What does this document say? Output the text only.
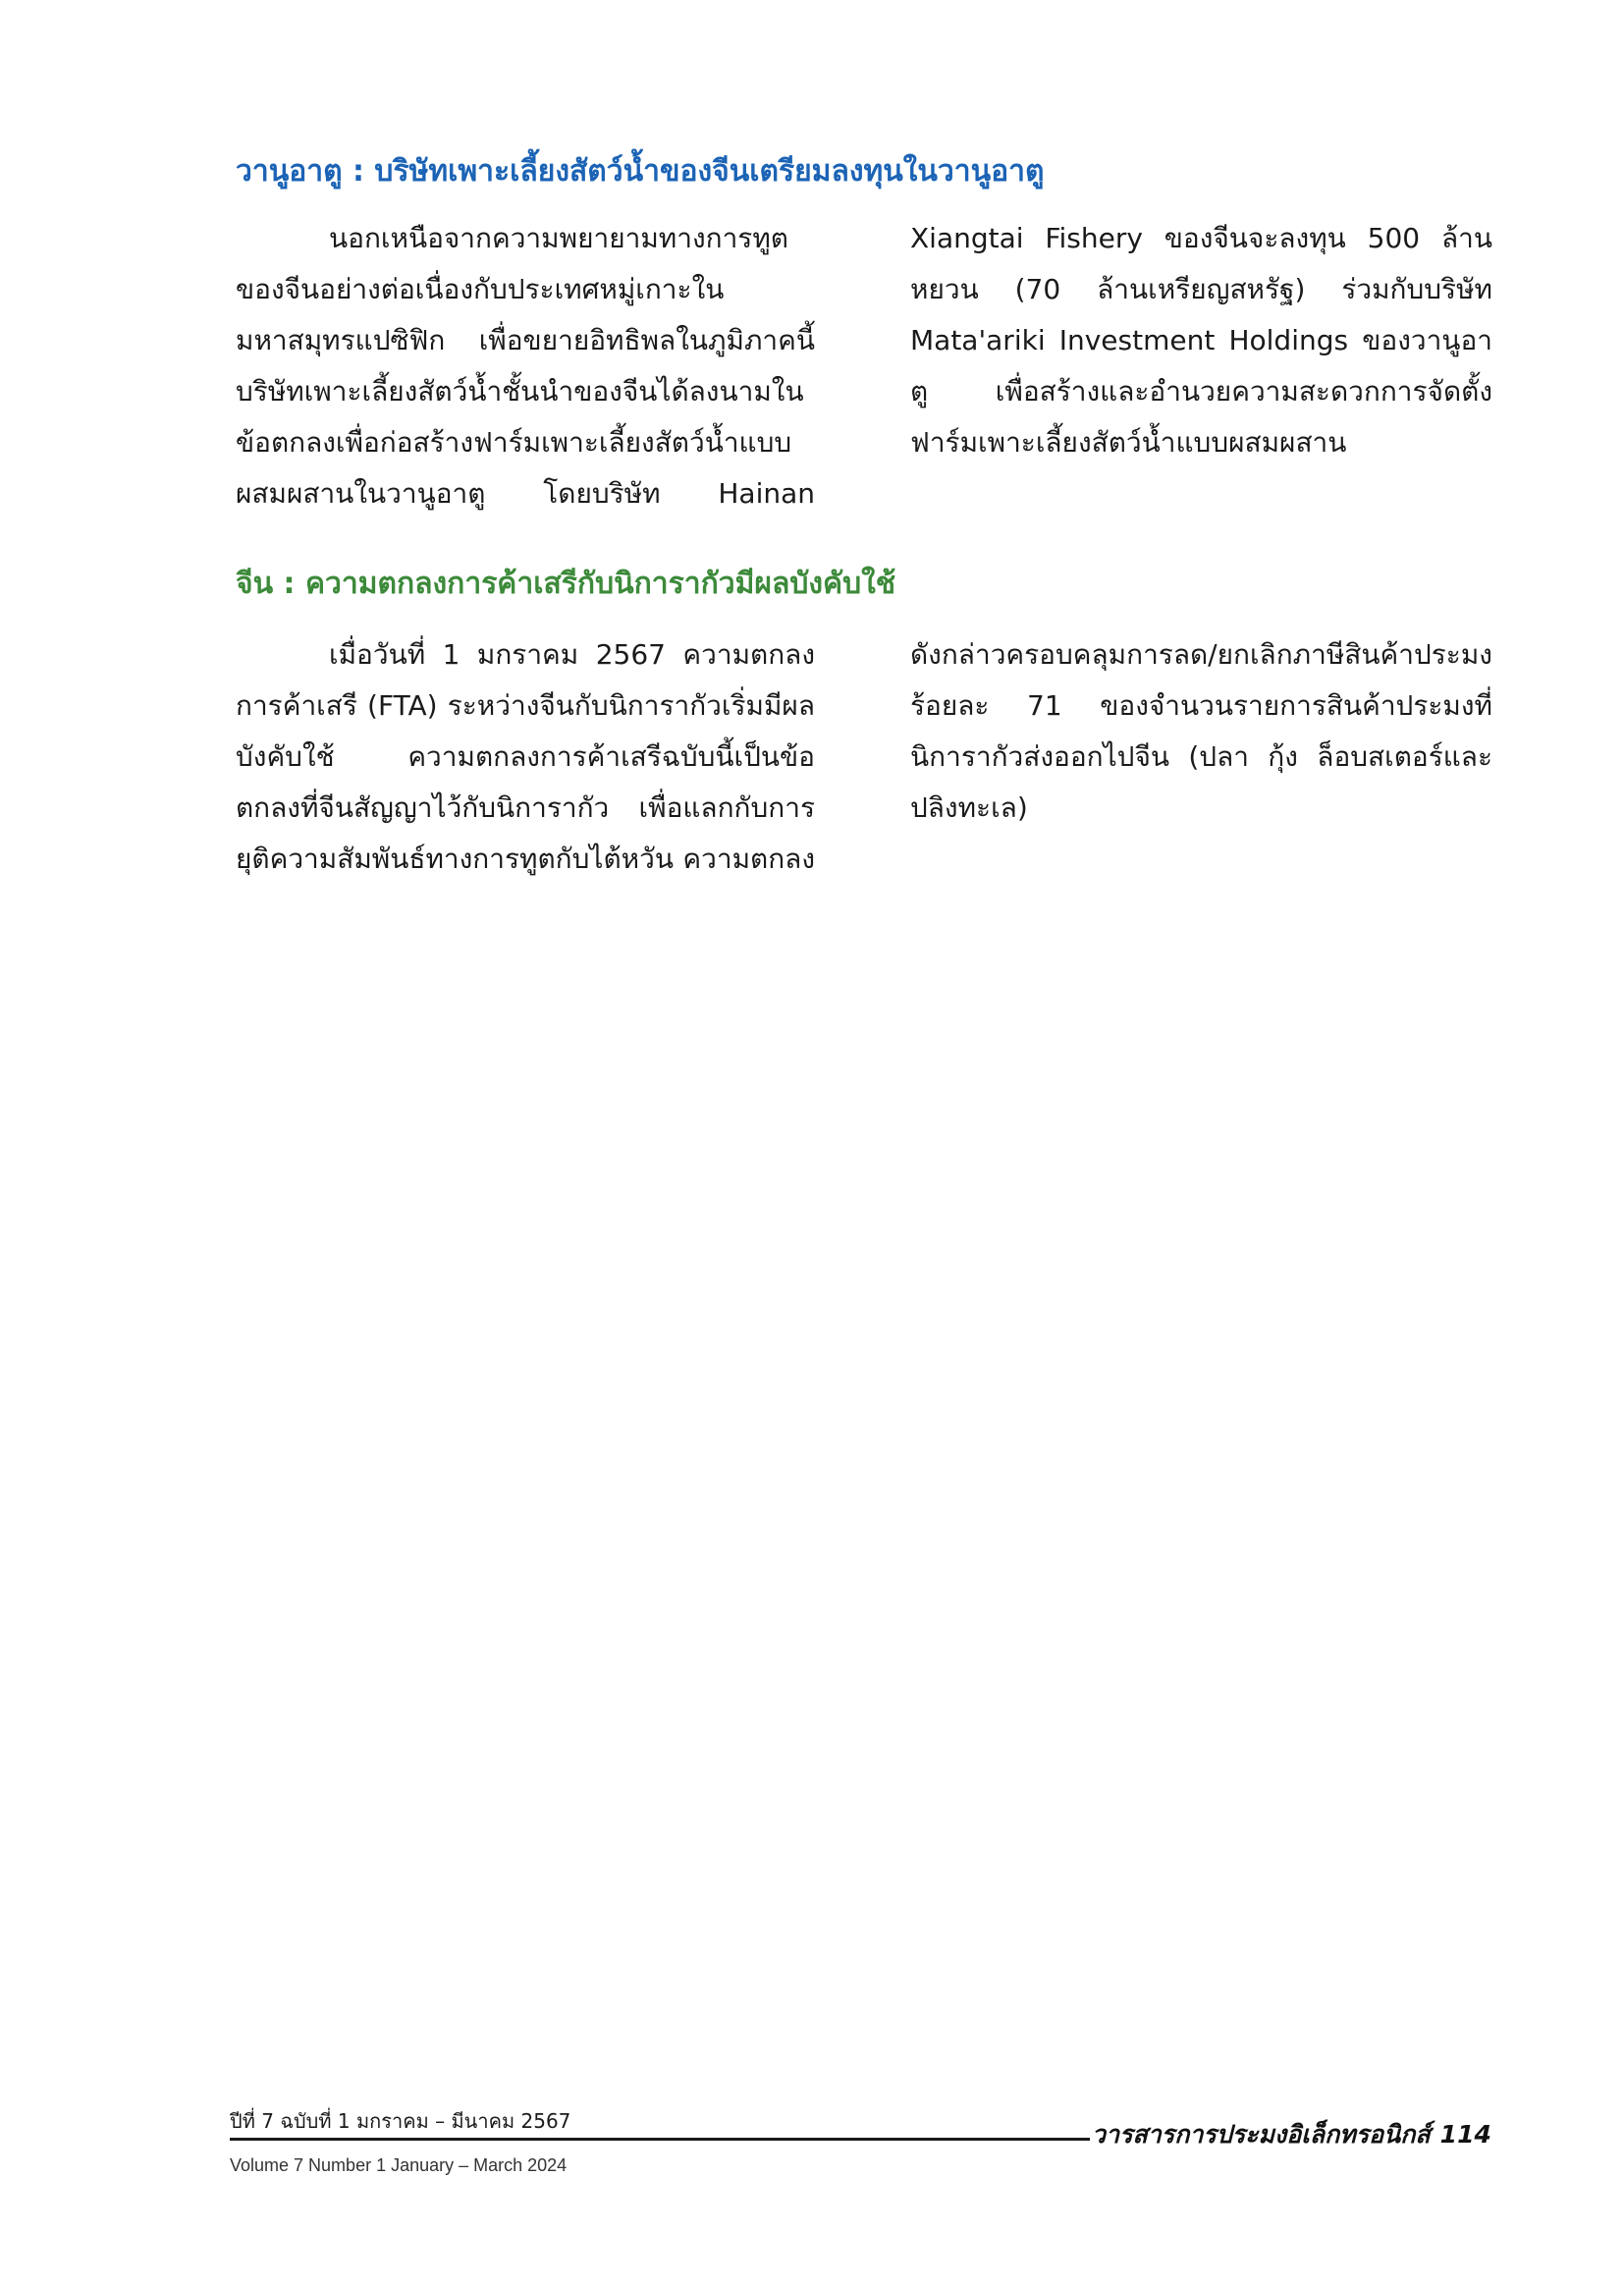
วานูอาตู : บริษัทเพาะเลี้ยงสัตว์น้ำของจีนเตรียมลงทุนในวานูอาตู

นอกเหนือจากความพยายามทางการทูตของจีนอย่างต่อเนื่องกับประเทศหมู่เกาะในมหาสมุทรแปซิฟิก เพื่อขยายอิทธิพลในภูมิภาคนี้ บริษัทเพาะเลี้ยงสัตว์น้ำชั้นนำของจีนได้ลงนามในข้อตกลงเพื่อก่อสร้างฟาร์มเพาะเลี้ยงสัตว์น้ำแบบผสมผสานในวานูอาตู โดยบริษัท Hainan

Xiangtai Fishery ของจีนจะลงทุน 500 ล้านหยวน (70 ล้านเหรียญสหรัฐ) ร่วมกับบริษัท Mata'ariki Investment Holdings ของวานูอาตู เพื่อสร้างและอำนวยความสะดวกการจัดตั้งฟาร์มเพาะเลี้ยงสัตว์น้ำแบบผสมผสาน

จีน : ความตกลงการค้าเสรีกับนิการากัวมีผลบังคับใช้

เมื่อวันที่ 1 มกราคม 2567 ความตกลงการค้าเสรี (FTA) ระหว่างจีนกับนิการากัวเริ่มมีผลบังคับใช้ ความตกลงการค้าเสรีฉบับนี้เป็นข้อตกลงที่จีนสัญญาไว้กับนิการากัว เพื่อแลกกับการยุติความสัมพันธ์ทางการทูตกับไต้หวัน ความตกลง

ดังกล่าวครอบคลุมการลด/ยกเลิกภาษีสินค้าประมงร้อยละ 71 ของจำนวนรายการสินค้าประมงที่นิการากัวส่งออกไปจีน (ปลา กุ้ง ล็อบสเตอร์และปลิงทะเล)

ปีที่ 7 ฉบับที่ 1 มกราคม – มีนาคม 2567
Volume 7 Number 1 January – March 2024
วารสารการประมงอิเล็กทรอนิกส์ 114
